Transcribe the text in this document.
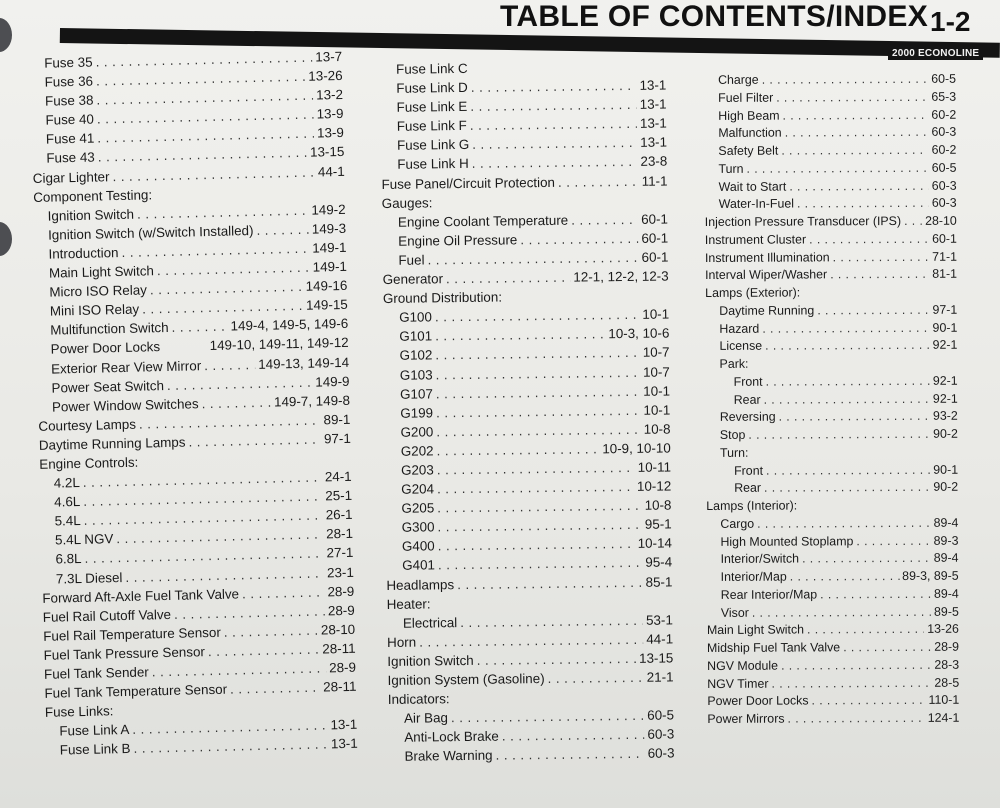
TABLE OF CONTENTS/INDEX 1-2
2000 ECONOLINE
Fuse 35 . . .	13-7
Fuse 36 . . .	13-26
Fuse 38 . . .	13-2
Fuse 40 . . .	13-9
Fuse 41 . . .	13-9
Fuse 43 . . .	13-15
Cigar Lighter . . .	44-1
Component Testing:
Ignition Switch . . .	149-2
Ignition Switch (w/Switch Installed) . . .	149-3
Introduction . . .	149-1
Main Light Switch . . .	149-1
Micro ISO Relay . . .	149-16
Mini ISO Relay . . .	149-15
Multifunction Switch . . .	149-4, 149-5, 149-6
Power Door Locks	149-10, 149-11, 149-12
Exterior Rear View Mirror . . .	149-13, 149-14
Power Seat Switch . . .	149-9
Power Window Switches . . .	149-7, 149-8
Courtesy Lamps . . .	89-1
Daytime Running Lamps . . .	97-1
Engine Controls:
4.2L . . .	24-1
4.6L . . .	25-1
5.4L . . .	26-1
5.4L NGV . . .	28-1
6.8L . . .	27-1
7.3L Diesel . . .	23-1
Forward Aft-Axle Fuel Tank Valve . . .	28-9
Fuel Rail Cutoff Valve . . .	28-9
Fuel Rail Temperature Sensor . . .	28-10
Fuel Tank Pressure Sensor . . .	28-11
Fuel Tank Sender . . .	28-9
Fuel Tank Temperature Sensor . . .	28-11
Fuse Links:
Fuse Link A . . .	13-1
Fuse Link B . . .	13-1
Fuse Link C
Fuse Link D . . .	13-1
Fuse Link E . . .	13-1
Fuse Link F . . .	13-1
Fuse Link G . . .	13-1
Fuse Link H . . .	23-8
Fuse Panel/Circuit Protection . . .	11-1
Gauges:
Engine Coolant Temperature . . .	60-1
Engine Oil Pressure . . .	60-1
Fuel . . .	60-1
Generator . . .	12-1, 12-2, 12-3
Ground Distribution:
G100 . . .	10-1
G101 . . .	10-3, 10-6
G102 . . .	10-7
G103 . . .	10-7
G107 . . .	10-1
G199 . . .	10-1
G200 . . .	10-8
G202 . . .	10-9, 10-10
G203 . . .	10-11
G204 . . .	10-12
G205 . . .	10-8
G300 . . .	95-1
G400 . . .	10-14
G401 . . .	95-4
Headlamps . . .	85-1
Heater:
Electrical . . .	53-1
Horn . . .	44-1
Ignition Switch . . .	13-15
Ignition System (Gasoline) . . .	21-1
Indicators:
Air Bag . . .	60-5
Anti-Lock Brake . . .	60-3
Brake Warning . . .	60-3
Charge . . .	60-5
Fuel Filter . . .	65-3
High Beam . . .	60-2
Malfunction . . .	60-3
Safety Belt . . .	60-2
Turn . . .	60-5
Wait to Start . . .	60-3
Water-In-Fuel . . .	60-3
Injection Pressure Transducer (IPS) . . . 28-10
Instrument Cluster . . .	60-1
Instrument Illumination . . .	71-1
Interval Wiper/Washer . . .	81-1
Lamps (Exterior):
Daytime Running . . .	97-1
Hazard . . .	90-1
License . . .	92-1
Park:
Front . . .	92-1
Rear . . .	92-1
Reversing . . .	93-2
Stop . . .	90-2
Turn:
Front . . .	90-1
Rear . . .	90-2
Lamps (Interior):
Cargo . . .	89-4
High Mounted Stoplamp . . .	89-3
Interior/Switch . . .	89-4
Interior/Map . . .	89-3, 89-5
Rear Interior/Map . . .	89-4
Visor . . .	89-5
Main Light Switch . . .	13-26
Midship Fuel Tank Valve . . .	28-9
NGV Module . . .	28-3
NGV Timer . . .	28-5
Power Door Locks . . .	110-1
Power Mirrors . . .	124-1
